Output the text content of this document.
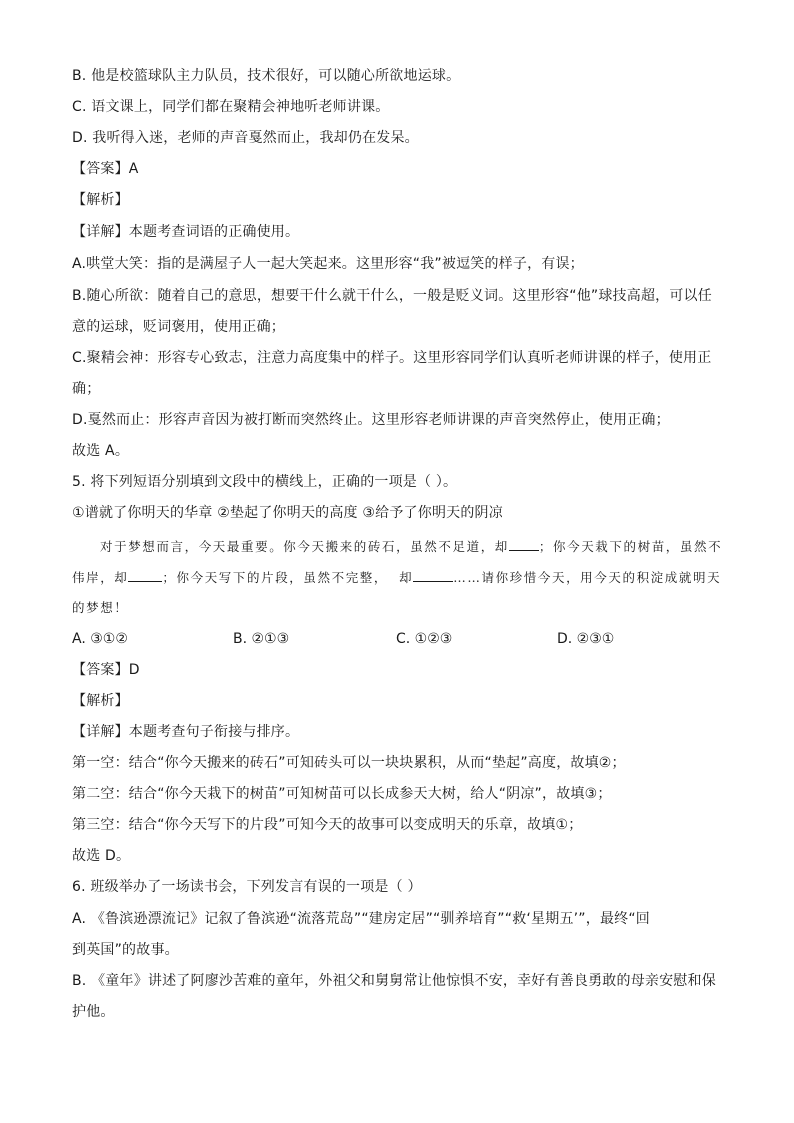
B. 他是校篮球队主力队员，技术很好，可以随心所欲地运球。
C. 语文课上，同学们都在聚精会神地听老师讲课。
D. 我听得入迷，老师的声音戛然而止，我却仍在发呆。
【答案】A
【解析】
【详解】本题考查词语的正确使用。
A.哄堂大笑：指的是满屋子人一起大笑起来。这里形容“我”被逗笑的样子，有误；
B.随心所欲：随着自己的意思，想要干什么就干什么，一般是贬义词。这里形容“他”球技高超，可以任
意的运球，贬词褒用，使用正确；
C.聚精会神：形容专心致志，注意力高度集中的样子。这里形容同学们认真听老师讲课的样子，使用正
确；
D.戛然而止：形容声音因为被打断而突然终止。这里形容老师讲课的声音突然停止，使用正确；
故选 A。
5. 将下列短语分别填到文段中的横线上，正确的一项是（ ）。
①谱就了你明天的华章 ②垫起了你明天的高度 ③给予了你明天的阴凉
对于梦想而言，今天最重要。你今天搬来的砖石，虽然不足道，却 ；你今天栽下的树苗，虽然不
伟岸，却	；你今天写下的片段，虽然不完整， 却	……请你珍惜今天，用今天的积淀成就明天
的梦想！
A. ③①②	B. ②①③	C. ①②③	D. ②③①
【答案】D
【解析】
【详解】本题考查句子衔接与排序。
第一空：结合“你今天搬来的砖石”可知砖头可以一块块累积，从而“垫起”高度，故填②；
第二空：结合“你今天栽下的树苗”可知树苗可以长成参天大树，给人“阴凉”，故填③；
第三空：结合“你今天写下的片段”可知今天的故事可以变成明天的乐章，故填①；
故选 D。
6. 班级举办了一场读书会，下列发言有误的一项是（ ）
A. 《鲁滨逊漂流记》记叙了鲁滨逊“流落荒岛”“建房定居”“驯养培育”“救‘星期五’”，最终“回
到英国”的故事。
B. 《童年》讲述了阿廖沙苦难的童年，外祖父和舅舅常让他惊惧不安，幸好有善良勇敢的母亲安慰和保
护他。
